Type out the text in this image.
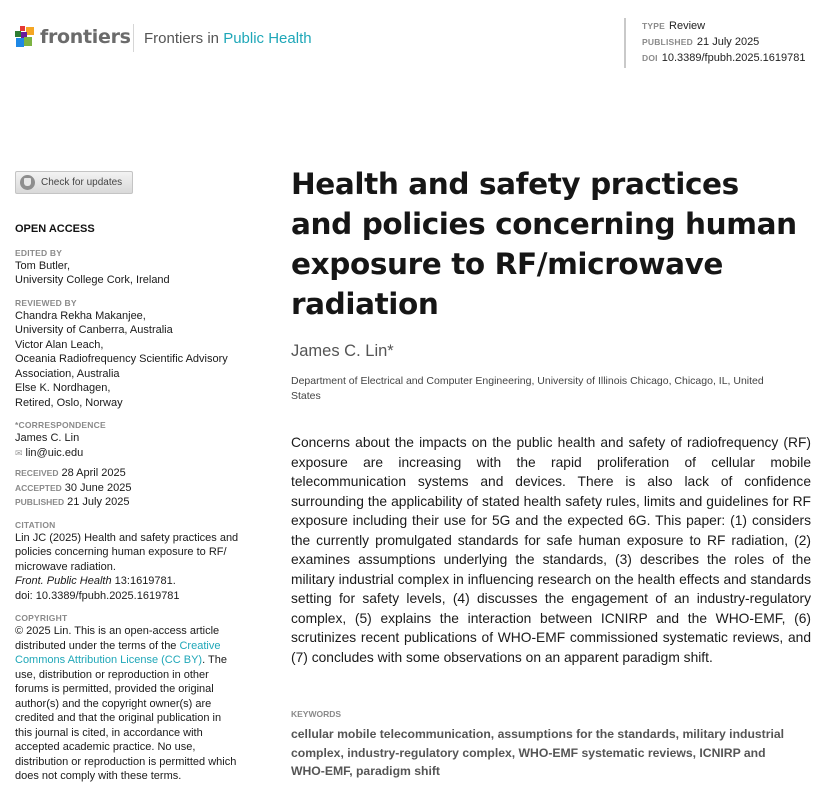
frontiers Frontiers in Public Health
TYPE Review
PUBLISHED 21 July 2025
DOI 10.3389/fpubh.2025.1619781
Check for updates
OPEN ACCESS
EDITED BY
Tom Butler,
University College Cork, Ireland
REVIEWED BY
Chandra Rekha Makanjee,
University of Canberra, Australia
Victor Alan Leach,
Oceania Radiofrequency Scientific Advisory
Association, Australia
Else K. Nordhagen,
Retired, Oslo, Norway
*CORRESPONDENCE
James C. Lin
✉ lin@uic.edu
RECEIVED 28 April 2025
ACCEPTED 30 June 2025
PUBLISHED 21 July 2025
CITATION
Lin JC (2025) Health and safety practices and
policies concerning human exposure to RF/
microwave radiation.
Front. Public Health 13:1619781.
doi: 10.3389/fpubh.2025.1619781
COPYRIGHT
© 2025 Lin. This is an open-access article distributed under the terms of the Creative Commons Attribution License (CC BY). The use, distribution or reproduction in other forums is permitted, provided the original author(s) and the copyright owner(s) are credited and that the original publication in this journal is cited, in accordance with accepted academic practice. No use, distribution or reproduction is permitted which does not comply with these terms.
Health and safety practices and policies concerning human exposure to RF/microwave radiation
James C. Lin*
Department of Electrical and Computer Engineering, University of Illinois Chicago, Chicago, IL, United States

Concerns about the impacts on the public health and safety of radiofrequency (RF) exposure are increasing with the rapid proliferation of cellular mobile telecommunication systems and devices. There is also lack of confidence surrounding the applicability of stated health safety rules, limits and guidelines for RF exposure including their use for 5G and the expected 6G. This paper: (1) considers the currently promulgated standards for safe human exposure to RF radiation, (2) examines assumptions underlying the standards, (3) describes the roles of the military industrial complex in influencing research on the health effects and standards setting for safety levels, (4) discusses the engagement of an industry-regulatory complex, (5) explains the interaction between ICNIRP and the WHO-EMF, (6) scrutinizes recent publications of WHO-EMF commissioned systematic reviews, and (7) concludes with some observations on an apparent paradigm shift.

KEYWORDS
cellular mobile telecommunication, assumptions for the standards, military industrial complex, industry-regulatory complex, WHO-EMF systematic reviews, ICNIRP and WHO-EMF, paradigm shift
